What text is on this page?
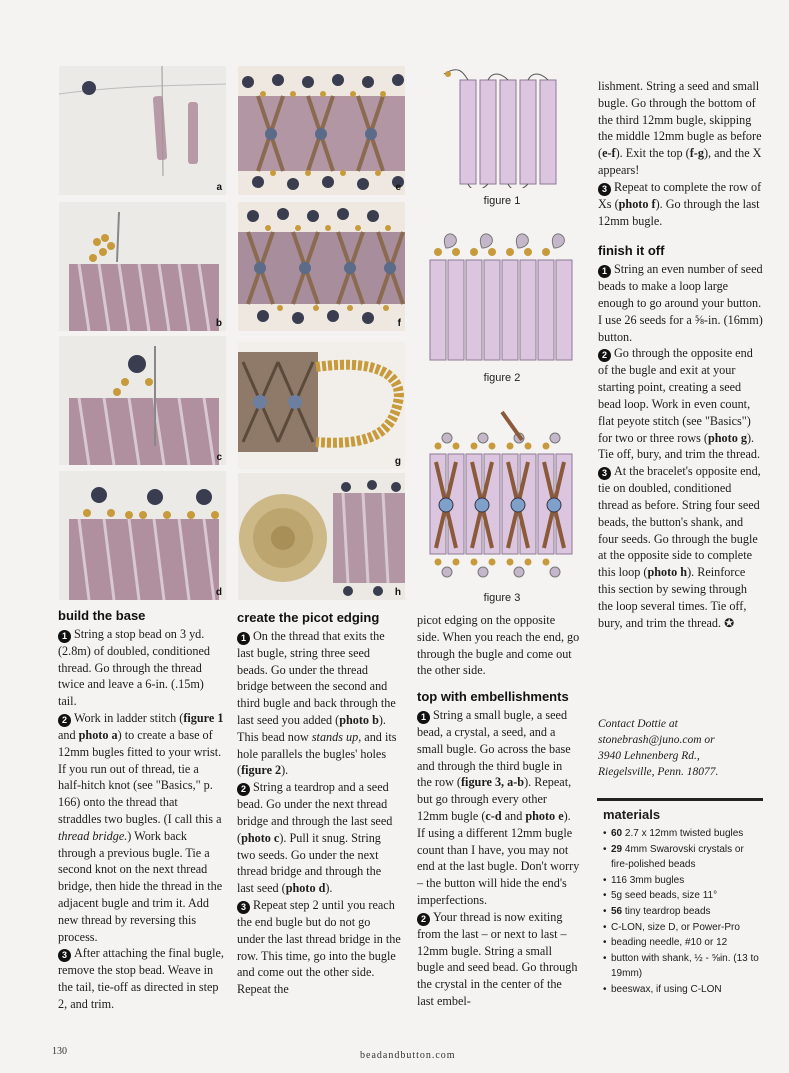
a
b
c
d
e
f
g
h
figure 1
figure 2
figure 3
build the base

1 String a stop bead on 3 yd. (2.8m) of doubled, conditioned thread. Go through the thread twice and leave a 6-in. (.15m) tail.

2 Work in ladder stitch (figure 1 and photo a) to create a base of 12mm bugles fitted to your wrist. If you run out of thread, tie a half-hitch knot (see "Basics," p. 166) onto the thread that straddles two bugles. (I call this a thread bridge.) Work back through a previous bugle. Tie a second knot on the next thread bridge, then hide the thread in the adjacent bugle and trim it. Add new thread by reversing this process.

3 After attaching the final bugle, remove the stop bead. Weave in the tail, tie-off as directed in step 2, and trim.

create the picot edging

1 On the thread that exits the last bugle, string three seed beads. Go under the thread bridge between the second and third bugle and back through the last seed you added (photo b). This bead now stands up, and its hole parallels the bugles' holes (figure 2).

2 String a teardrop and a seed bead. Go under the next thread bridge and through the last seed (photo c). Pull it snug. String two seeds. Go under the next thread bridge and through the last seed (photo d).

3 Repeat step 2 until you reach the end bugle but do not go under the last thread bridge in the row. This time, go into the bugle and come out the other side. Repeat the

picot edging on the opposite side. When you reach the end, go through the bugle and come out the other side.

top with embellishments

1 String a small bugle, a seed bead, a crystal, a seed, and a small bugle. Go across the base and through the third bugle in the row (figure 3, a-b). Repeat, but go through every other 12mm bugle (c-d and photo e). If using a different 12mm bugle count than I have, you may not end at the last bugle. Don't worry – the button will hide the end's imperfections.

2 Your thread is now exiting from the last – or next to last – 12mm bugle. String a small bugle and seed bead. Go through the crystal in the center of the last embel-

lishment. String a seed and small bugle. Go through the bottom of the third 12mm bugle, skipping the middle 12mm bugle as before (e-f). Exit the top (f-g), and the X appears!

3 Repeat to complete the row of Xs (photo f). Go through the last 12mm bugle.

finish it off

1 String an even number of seed beads to make a loop large enough to go around your button. I use 26 seeds for a ⅝-in. (16mm) button.

2 Go through the opposite end of the bugle and exit at your starting point, creating a seed bead loop. Work in even count, flat peyote stitch (see "Basics") for two or three rows (photo g). Tie off, bury, and trim the thread.

3 At the bracelet's opposite end, tie on doubled, conditioned thread as before. String four seed beads, the button's shank, and four seeds. Go through the bugle at the opposite side to complete this loop (photo h). Reinforce this section by sewing through the loop several times. Tie off, bury, and trim the thread. ✪

Contact Dottie at
stonebrash@juno.com or
3940 Lehnenberg Rd.,
Riegelsville, Penn. 18077.
materials
• 60 2.7 x 12mm twisted bugles
• 29 4mm Swarovski crystals or fire-polished beads
• 116 3mm bugles
• 5g seed beads, size 11°
• 56 tiny teardrop beads
• C-LON, size D, or Power-Pro
• beading needle, #10 or 12
• button with shank, ½ - ⅝in. (13 to 19mm)
• beeswax, if using C-LON
130	beadandbutton.com
